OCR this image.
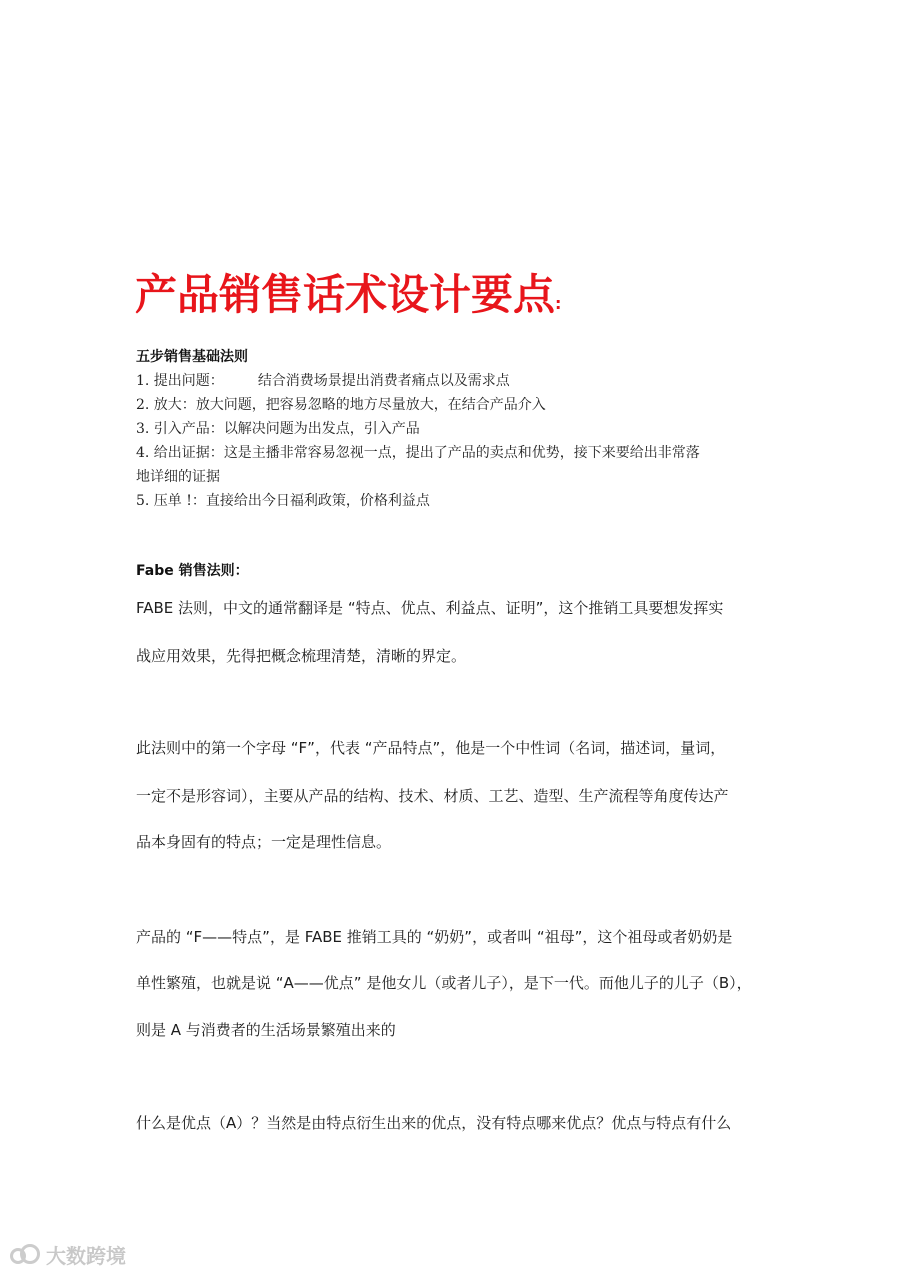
产品销售话术设计要点:
五步销售基础法则
1. 提出问题： 结合消费场景提出消费者痛点以及需求点
2. 放大：放大问题，把容易忽略的地方尽量放大，在结合产品介入
3. 引入产品：以解决问题为出发点，引入产品
4. 给出证据：这是主播非常容易忽视一点，提出了产品的卖点和优势，接下来要给出非常落
地详细的证据
5. 压单 !：直接给出今日福利政策，价格利益点
Fabe 销售法则：
FABE 法则，中文的通常翻译是 “特点、优点、利益点、证明”，这个推销工具要想发挥实
战应用效果，先得把概念梳理清楚，清晰的界定。
此法则中的第一个字母 “F”，代表 “产品特点”，他是一个中性词（名词，描述词，量词，
一定不是形容词），主要从产品的结构、技术、材质、工艺、造型、生产流程等角度传达产
品本身固有的特点；一定是理性信息。
产品的 “F——特点”，是 FABE 推销工具的 “奶奶”，或者叫 “祖母”，这个祖母或者奶奶是
单性繁殖，也就是说 “A——优点” 是他女儿（或者儿子），是下一代。而他儿子的儿子（B），
则是 A 与消费者的生活场景繁殖出来的
什么是优点（A）？当然是由特点衍生出来的优点，没有特点哪来优点？优点与特点有什么
大数跨境
